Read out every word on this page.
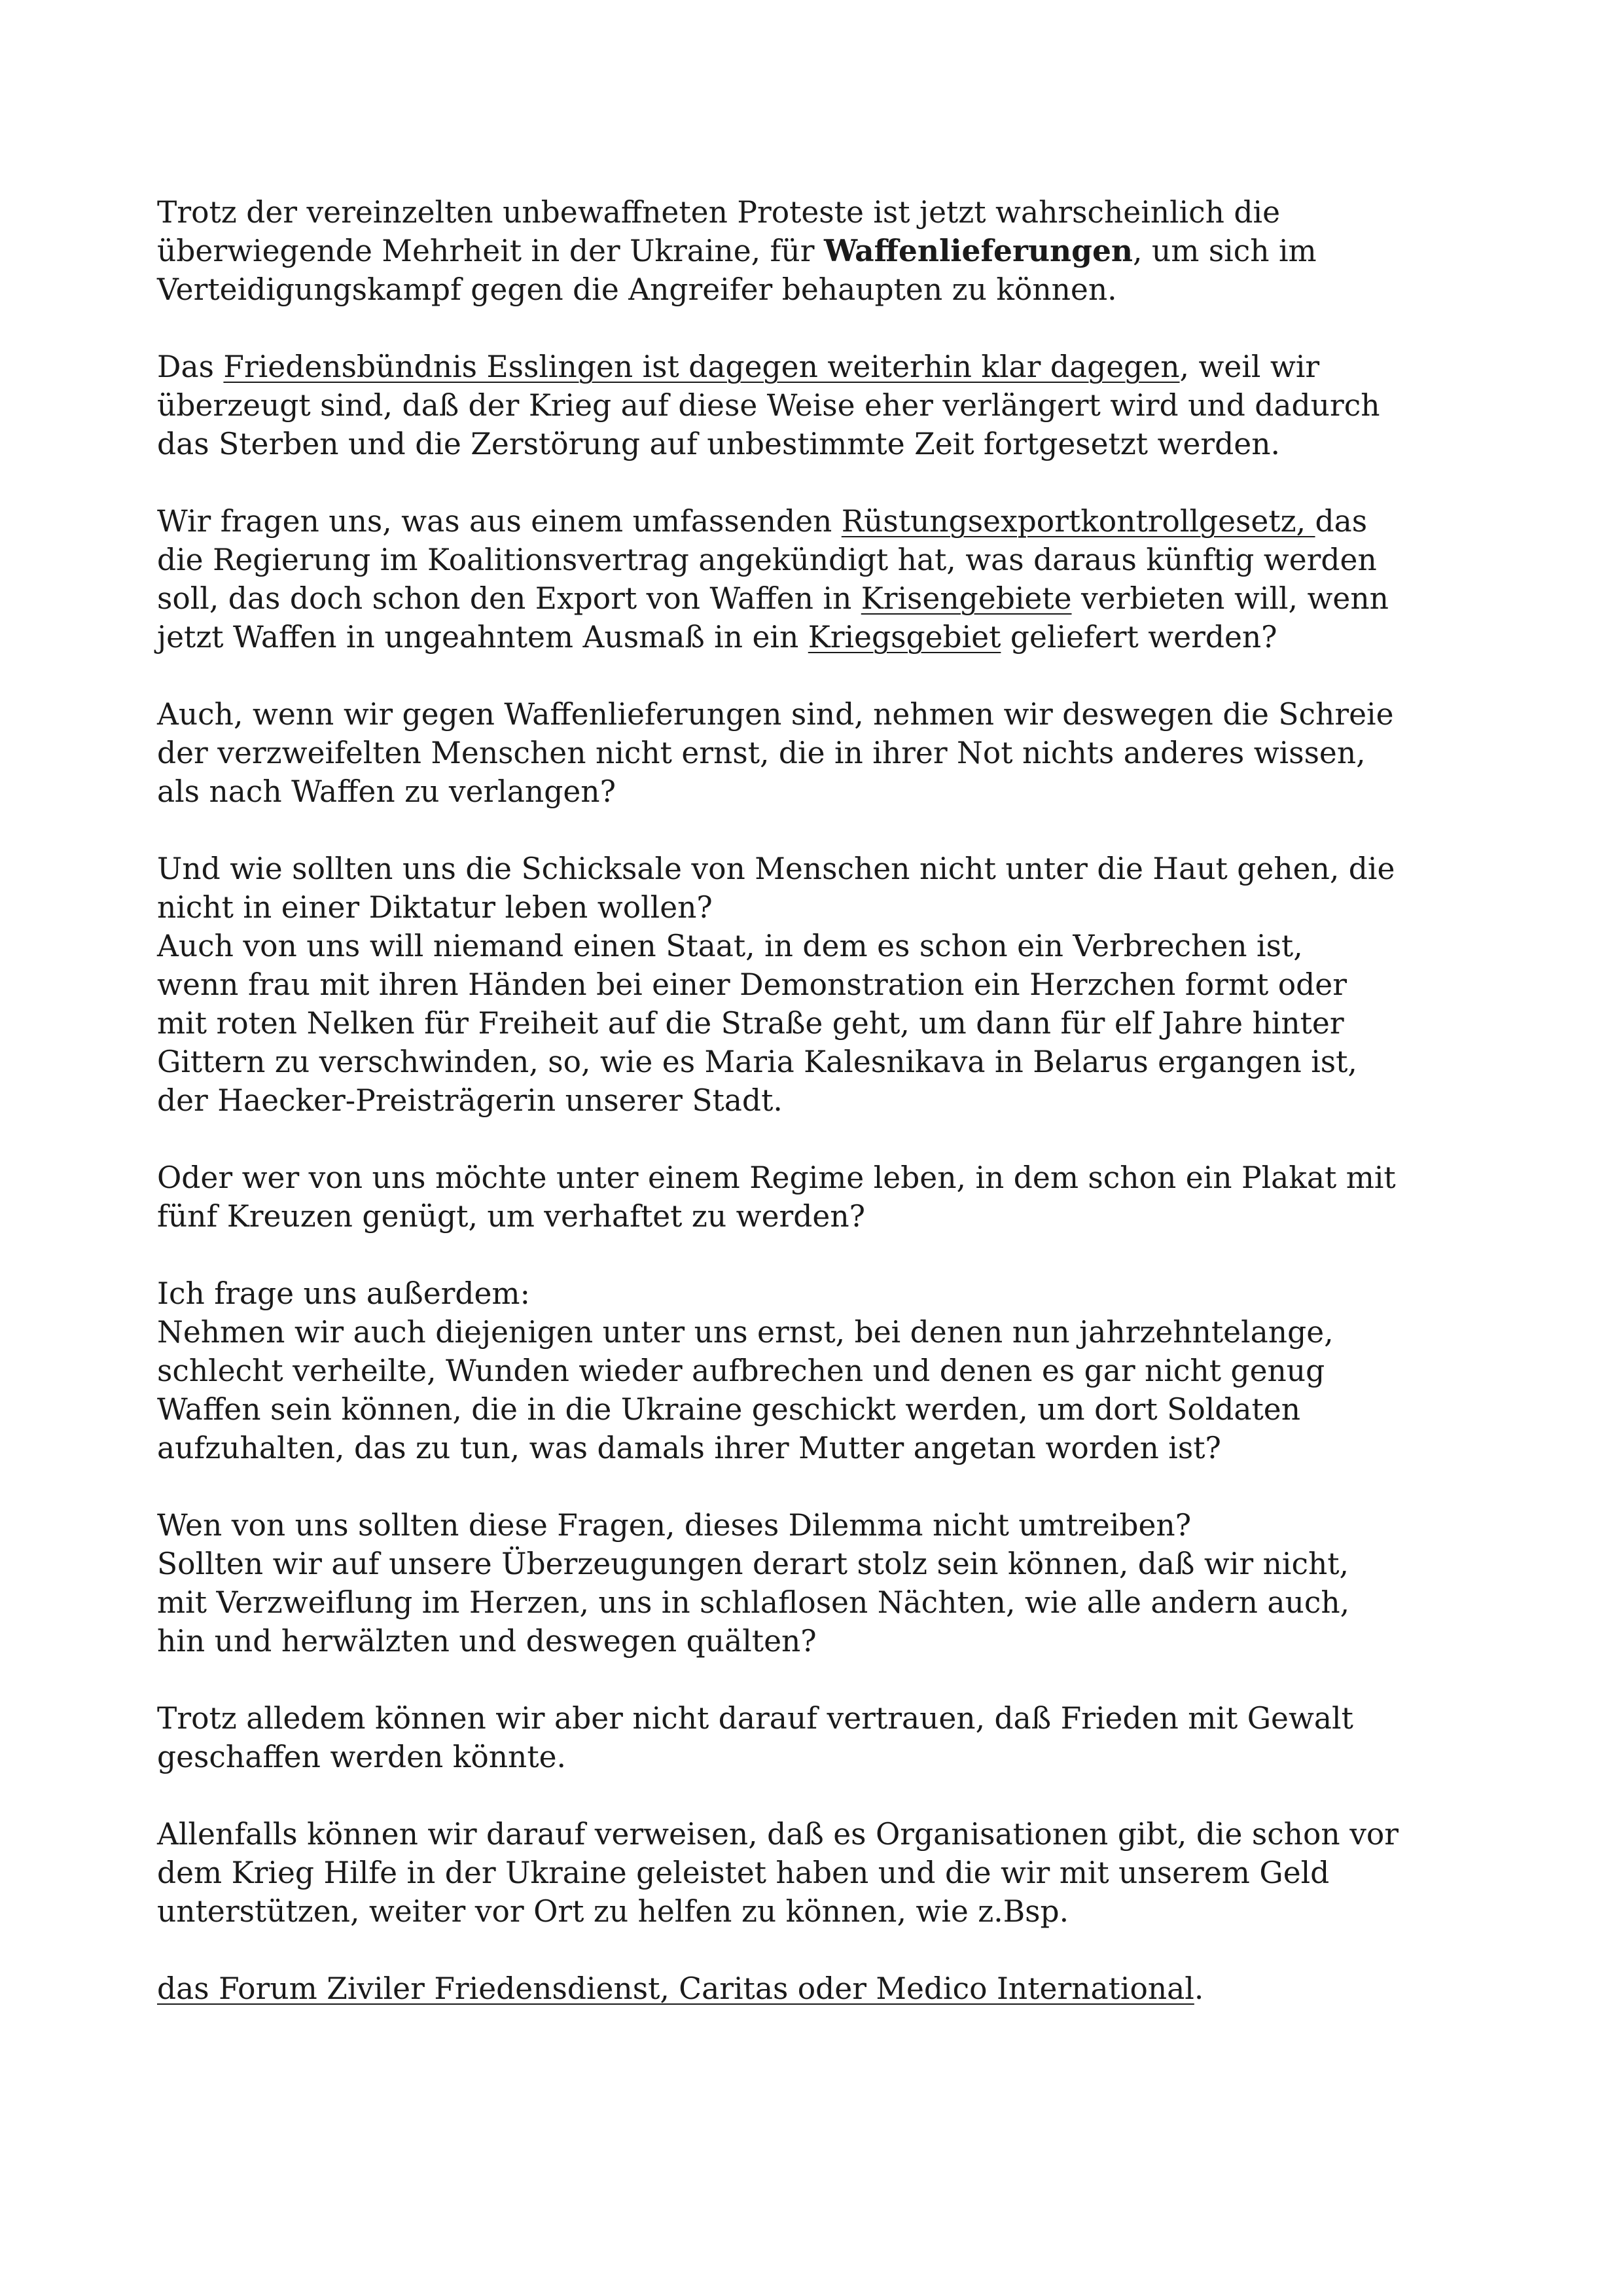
Trotz der vereinzelten unbewaffneten Proteste ist jetzt wahrscheinlich die
überwiegende Mehrheit in der Ukraine, für Waffenlieferungen, um sich im
Verteidigungskampf gegen die Angreifer behaupten zu können.

Das Friedensbündnis Esslingen ist dagegen weiterhin klar dagegen, weil wir
überzeugt sind, daß der Krieg auf diese Weise eher verlängert wird und dadurch
das Sterben und die Zerstörung auf unbestimmte Zeit fortgesetzt werden.

Wir fragen uns, was aus einem umfassenden Rüstungsexportkontrollgesetz, das
die Regierung im Koalitionsvertrag angekündigt hat, was daraus künftig werden
soll, das doch schon den Export von Waffen in Krisengebiete verbieten will, wenn
jetzt Waffen in ungeahntem Ausmaß in ein Kriegsgebiet geliefert werden?

Auch, wenn wir gegen Waffenlieferungen sind, nehmen wir deswegen die Schreie
der verzweifelten Menschen nicht ernst, die in ihrer Not nichts anderes wissen,
als nach Waffen zu verlangen?

Und wie sollten uns die Schicksale von Menschen nicht unter die Haut gehen, die
nicht in einer Diktatur leben wollen?

Auch von uns will niemand einen Staat, in dem es schon ein Verbrechen ist,
wenn frau mit ihren Händen bei einer Demonstration ein Herzchen formt oder
mit roten Nelken für Freiheit auf die Straße geht, um dann für elf Jahre hinter
Gittern zu verschwinden, so, wie es Maria Kalesnikava in Belarus ergangen ist,
der Haecker-Preisträgerin unserer Stadt.

Oder wer von uns möchte unter einem Regime leben, in dem schon ein Plakat mit
fünf Kreuzen genügt, um verhaftet zu werden?

Ich frage uns außerdem:

Nehmen wir auch diejenigen unter uns ernst, bei denen nun jahrzehntelange,
schlecht verheilte, Wunden wieder aufbrechen und denen es gar nicht genug
Waffen sein können, die in die Ukraine geschickt werden, um dort Soldaten
aufzuhalten, das zu tun, was damals ihrer Mutter angetan worden ist?

Wen von uns sollten diese Fragen, dieses Dilemma nicht umtreiben?

Sollten wir auf unsere Überzeugungen derart stolz sein können, daß wir nicht,
mit Verzweiflung im Herzen, uns in schlaflosen Nächten, wie alle andern auch,
hin und herwälzten und deswegen quälten?

Trotz alledem können wir aber nicht darauf vertrauen, daß Frieden mit Gewalt
geschaffen werden könnte.

Allenfalls können wir darauf verweisen, daß es Organisationen gibt, die schon vor
dem Krieg Hilfe in der Ukraine geleistet haben und die wir mit unserem Geld
unterstützen, weiter vor Ort zu helfen zu können, wie z.Bsp.

das Forum Ziviler Friedensdienst, Caritas oder Medico International.
